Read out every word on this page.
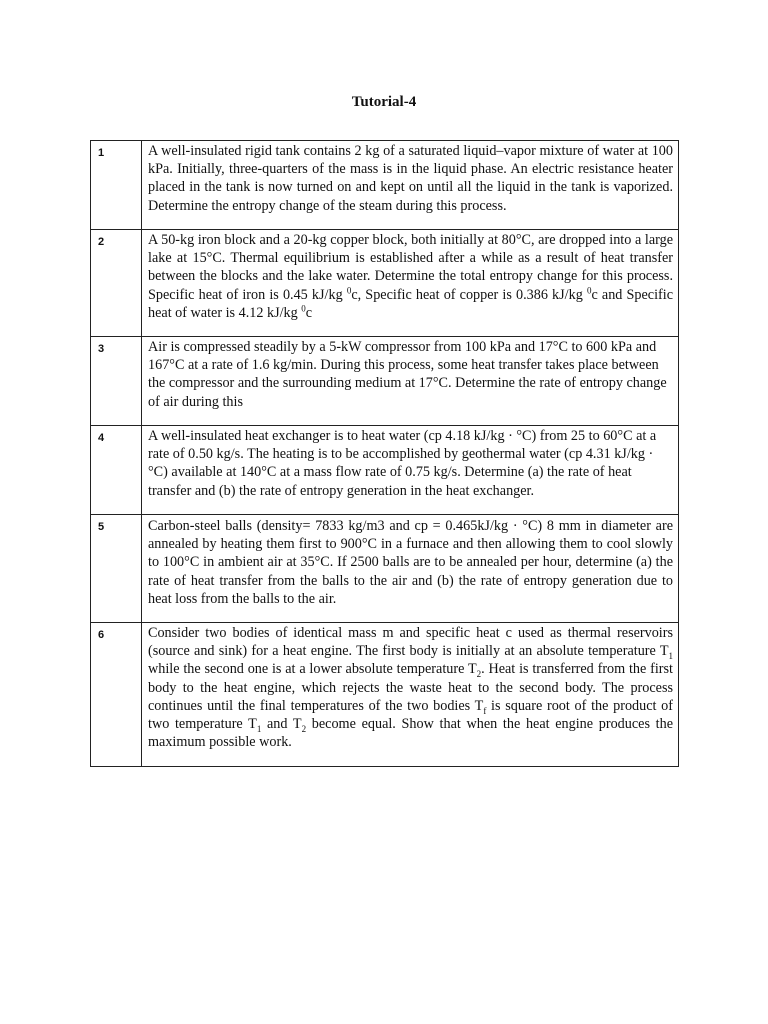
Tutorial-4
1	A well-insulated rigid tank contains 2 kg of a saturated liquid–vapor mixture of water at 100 kPa. Initially, three-quarters of the mass is in the liquid phase. An electric resistance heater placed in the tank is now turned on and kept on until all the liquid in the tank is vaporized. Determine the entropy change of the steam during this process.

2	A 50-kg iron block and a 20-kg copper block, both initially at 80°C, are dropped into a large lake at 15°C. Thermal equilibrium is established after a while as a result of heat transfer between the blocks and the lake water. Determine the total entropy change for this process. Specific heat of iron is 0.45 kJ/kg $^0$c, Specific heat of copper is 0.386 kJ/kg $^0$c and Specific heat of water is 4.12 kJ/kg $^0$c

3	Air is compressed steadily by a 5-kW compressor from 100 kPa and 17°C to 600 kPa and 167°C at a rate of 1.6 kg/min. During this process, some heat transfer takes place between the compressor and the surrounding medium at 17°C. Determine the rate of entropy change of air during this

4	A well-insulated heat exchanger is to heat water (cp 4.18 kJ/kg · °C) from 25 to 60°C at a rate of 0.50 kg/s. The heating is to be accomplished by geothermal water (cp 4.31 kJ/kg · °C) available at 140°C at a mass flow rate of 0.75 kg/s. Determine (a) the rate of heat transfer and (b) the rate of entropy generation in the heat exchanger.

5	Carbon-steel balls (density= 7833 kg/m3 and cp = 0.465kJ/kg · °C) 8 mm in diameter are annealed by heating them first to 900°C in a furnace and then allowing them to cool slowly to 100°C in ambient air at 35°C. If 2500 balls are to be annealed per hour, determine (a) the rate of heat transfer from the balls to the air and (b) the rate of entropy generation due to heat loss from the balls to the air.

6	Consider two bodies of identical mass m and specific heat c used as thermal reservoirs (source and sink) for a heat engine. The first body is initially at an absolute temperature $T_1$ while the second one is at a lower absolute temperature $T_2$. Heat is transferred from the first body to the heat engine, which rejects the waste heat to the second body. The process continues until the final temperatures of the two bodies $T_f$ is square root of the product of two temperature $T_1$ and $T_2$ become equal. Show that when the heat engine produces the maximum possible work.
